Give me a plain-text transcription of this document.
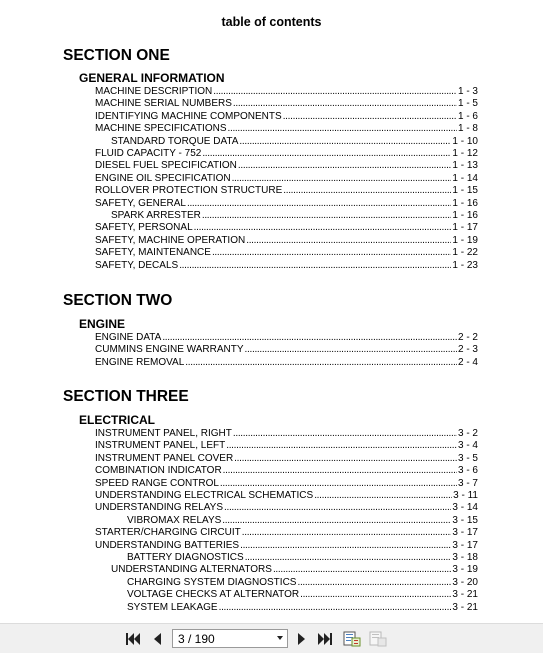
table of contents
SECTION ONE
GENERAL INFORMATION
MACHINE DESCRIPTION .....	1 - 3
MACHINE SERIAL NUMBERS .....	1 - 5
IDENTIFYING MACHINE COMPONENTS .....	1 - 6
MACHINE SPECIFICATIONS .....	1 - 8
STANDARD TORQUE DATA .....	1 - 10
FLUID CAPACITY - 752 .....	1 - 12
DIESEL FUEL SPECIFICATION .....	1 - 13
ENGINE OIL SPECIFICATION .....	1 - 14
ROLLOVER PROTECTION STRUCTURE .....	1 - 15
SAFETY, GENERAL .....	1 - 16
SPARK ARRESTER .....	1 - 16
SAFETY, PERSONAL .....	1 - 17
SAFETY, MACHINE OPERATION .....	1 - 19
SAFETY, MAINTENANCE .....	1 - 22
SAFETY, DECALS .....	1 - 23
SECTION TWO
ENGINE
ENGINE DATA .....	2 - 2
CUMMINS ENGINE WARRANTY .....	2 - 3
ENGINE REMOVAL .....	2 - 4
SECTION THREE
ELECTRICAL
INSTRUMENT PANEL, RIGHT .....	3 - 2
INSTRUMENT PANEL, LEFT .....	3 - 4
INSTRUMENT PANEL COVER .....	3 - 5
COMBINATION INDICATOR .....	3 - 6
SPEED RANGE CONTROL .....	3 - 7
UNDERSTANDING ELECTRICAL SCHEMATICS .....	3 - 11
UNDERSTANDING RELAYS .....	3 - 14
VIBROMAX RELAYS .....	3 - 15
STARTER/CHARGING CIRCUIT .....	3 - 17
UNDERSTANDING BATTERIES .....	3 - 17
BATTERY DIAGNOSTICS .....	3 - 18
UNDERSTANDING ALTERNATORS .....	3 - 19
CHARGING SYSTEM DIAGNOSTICS .....	3 - 20
VOLTAGE CHECKS AT ALTERNATOR .....	3 - 21
SYSTEM LEAKAGE .....	3 - 21
3 / 190
